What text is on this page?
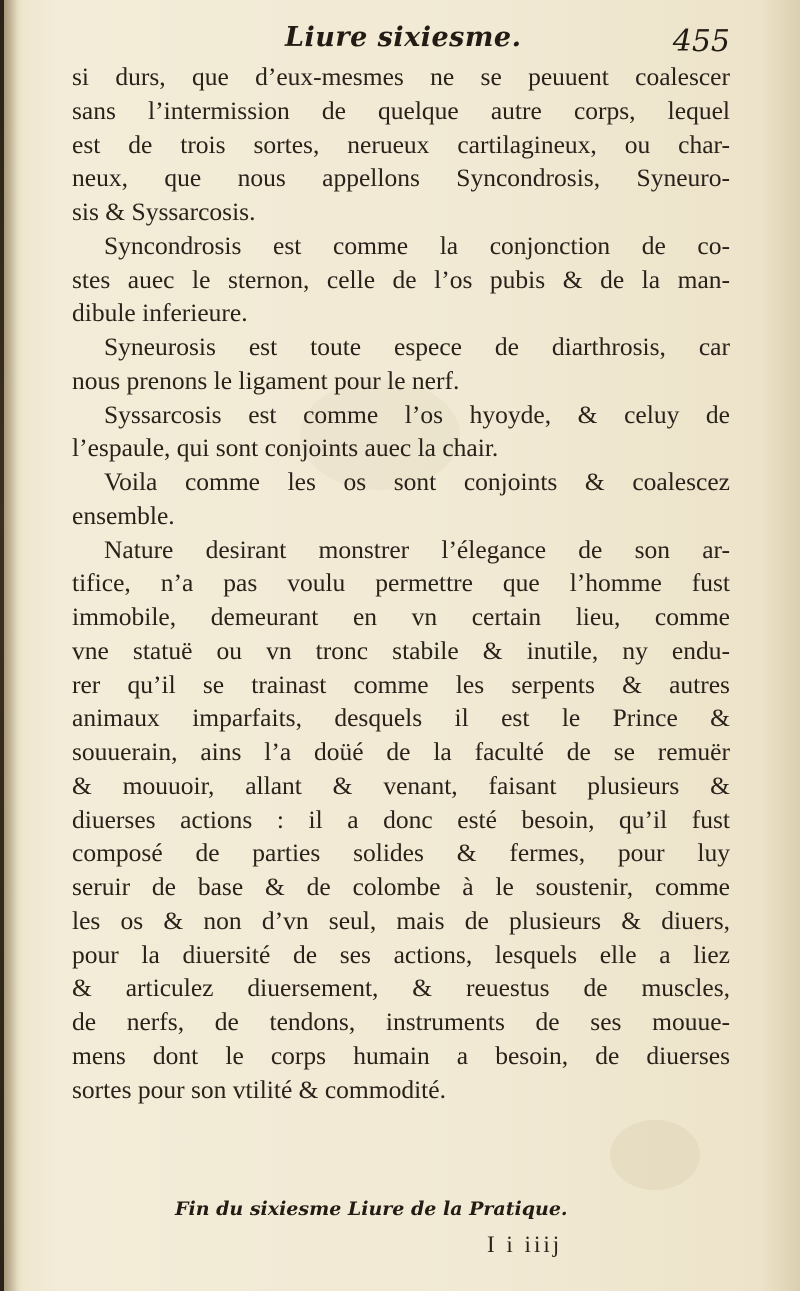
Liure sixiesme.	455
si durs, que d’eux-mesmes ne se peuuent coalescer
sans l’intermission de quelque autre corps, lequel
est de trois sortes, nerueux cartilagineux, ou char-
neux, que nous appellons Syncondrosis, Syneuro-
sis & Syssarcosis.
Syncondrosis est comme la conjonction de co-
stes auec le sternon, celle de l’os pubis & de la man-
dibule inferieure.
Syneurosis est toute espece de diarthrosis, car
nous prenons le ligament pour le nerf.
Syssarcosis est comme l’os hyoyde, & celuy de
l’espaule, qui sont conjoints auec la chair.
Voila comme les os sont conjoints & coalescez
ensemble.
Nature desirant monstrer l’élegance de son ar-
tifice, n’a pas voulu permettre que l’homme fust
immobile, demeurant en vn certain lieu, comme
vne statuë ou vn tronc stabile & inutile, ny endu-
rer qu’il se trainast comme les serpents & autres
animaux imparfaits, desquels il est le Prince &
souuerain, ains l’a doüé de la faculté de se remuër
& mouuoir, allant & venant, faisant plusieurs &
diuerses actions : il a donc esté besoin, qu’il fust
composé de parties solides & fermes, pour luy
seruir de base & de colombe à le soustenir, comme
les os & non d’vn seul, mais de plusieurs & diuers,
pour la diuersité de ses actions, lesquels elle a liez
& articulez diuersement, & reuestus de muscles,
de nerfs, de tendons, instruments de ses mouue-
mens dont le corps humain a besoin, de diuerses
sortes pour son vtilité & commodité.
Fin du sixiesme Liure de la Pratique.
I i iiij
